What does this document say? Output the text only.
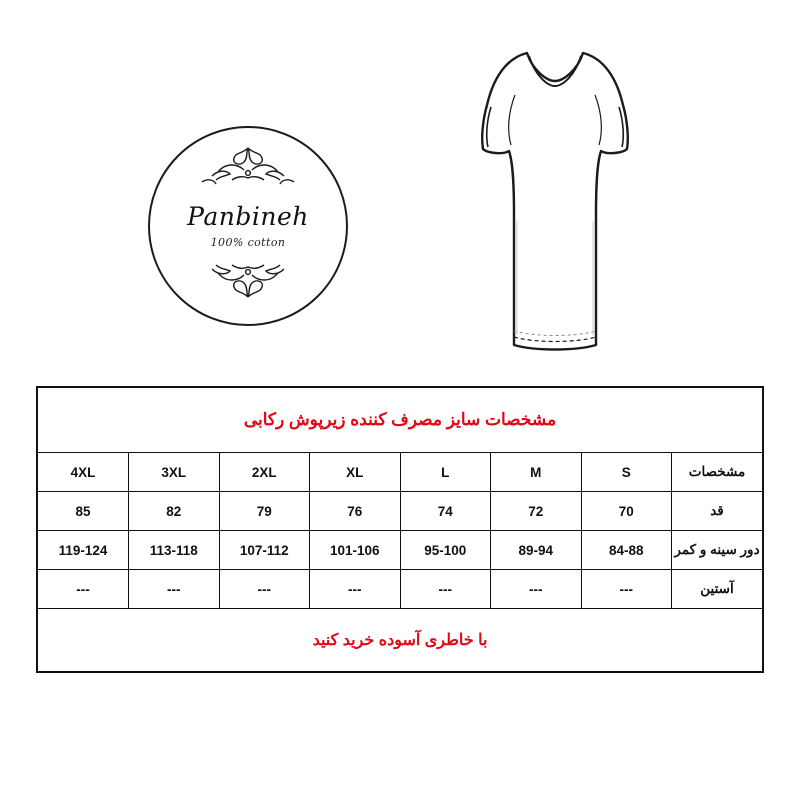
Panbineh
100% cotton
مشخصات سایز مصرف کننده زیرپوش رکابی							
4XL	3XL	2XL	XL	L	M	S	مشخصات
85	82	79	76	74	72	70	قد
119-124	113-118	107-112	101-106	95-100	89-94	84-88	دور سینه و کمر
---	---	---	---	---	---	---	آستین
با خاطری آسوده خرید کنید							
